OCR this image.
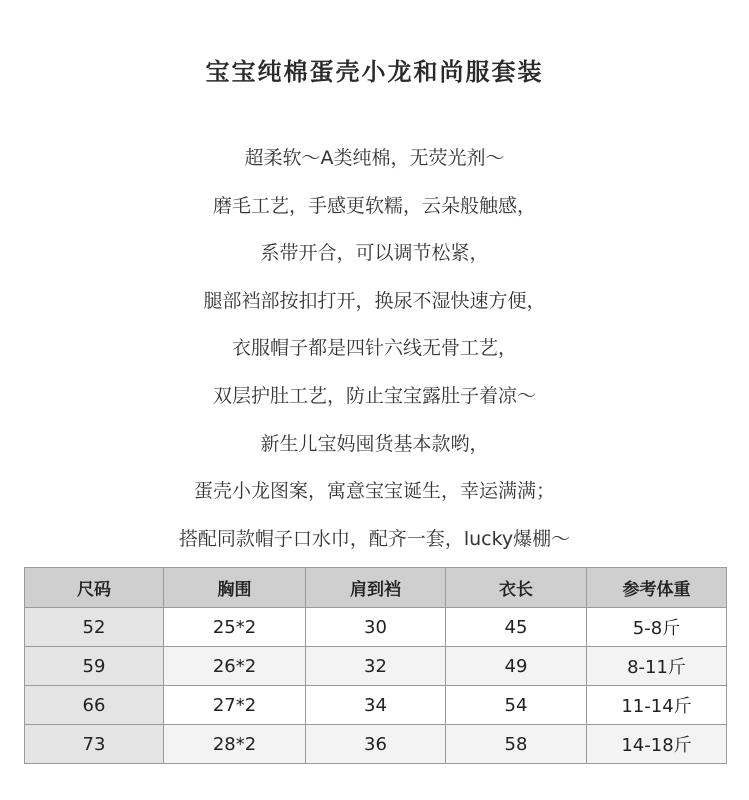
宝宝纯棉蛋壳小龙和尚服套装
超柔软～A类纯棉，无荧光剂～
磨毛工艺，手感更软糯，云朵般触感，
系带开合，可以调节松紧，
腿部裆部按扣打开，换尿不湿快速方便，
衣服帽子都是四针六线无骨工艺，
双层护肚工艺，防止宝宝露肚子着凉～
新生儿宝妈囤货基本款哟，
蛋壳小龙图案，寓意宝宝诞生，幸运满满；
搭配同款帽子口水巾，配齐一套，lucky爆棚～
尺码	胸围	肩到裆	衣长	参考体重
52	25*2	30	45	5-8斤
59	26*2	32	49	8-11斤
66	27*2	34	54	11-14斤
73	28*2	36	58	14-18斤
